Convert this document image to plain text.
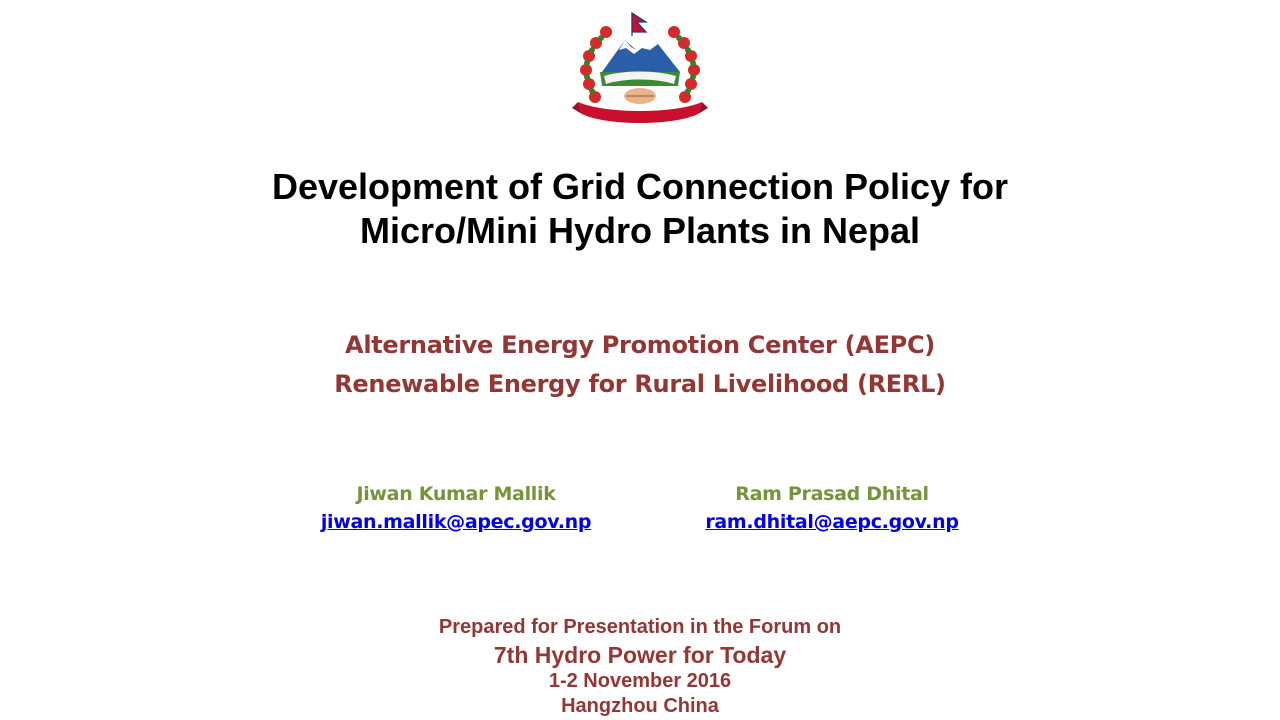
Development of Grid Connection Policy for
Micro/Mini Hydro Plants in Nepal
Alternative Energy Promotion Center (AEPC)
Renewable Energy for Rural Livelihood (RERL)
Jiwan Kumar Mallik
jiwan.mallik@apec.gov.np
Ram Prasad Dhital
ram.dhital@aepc.gov.np
Prepared for Presentation in the Forum on
7th Hydro Power for Today
1-2 November 2016
Hangzhou China
